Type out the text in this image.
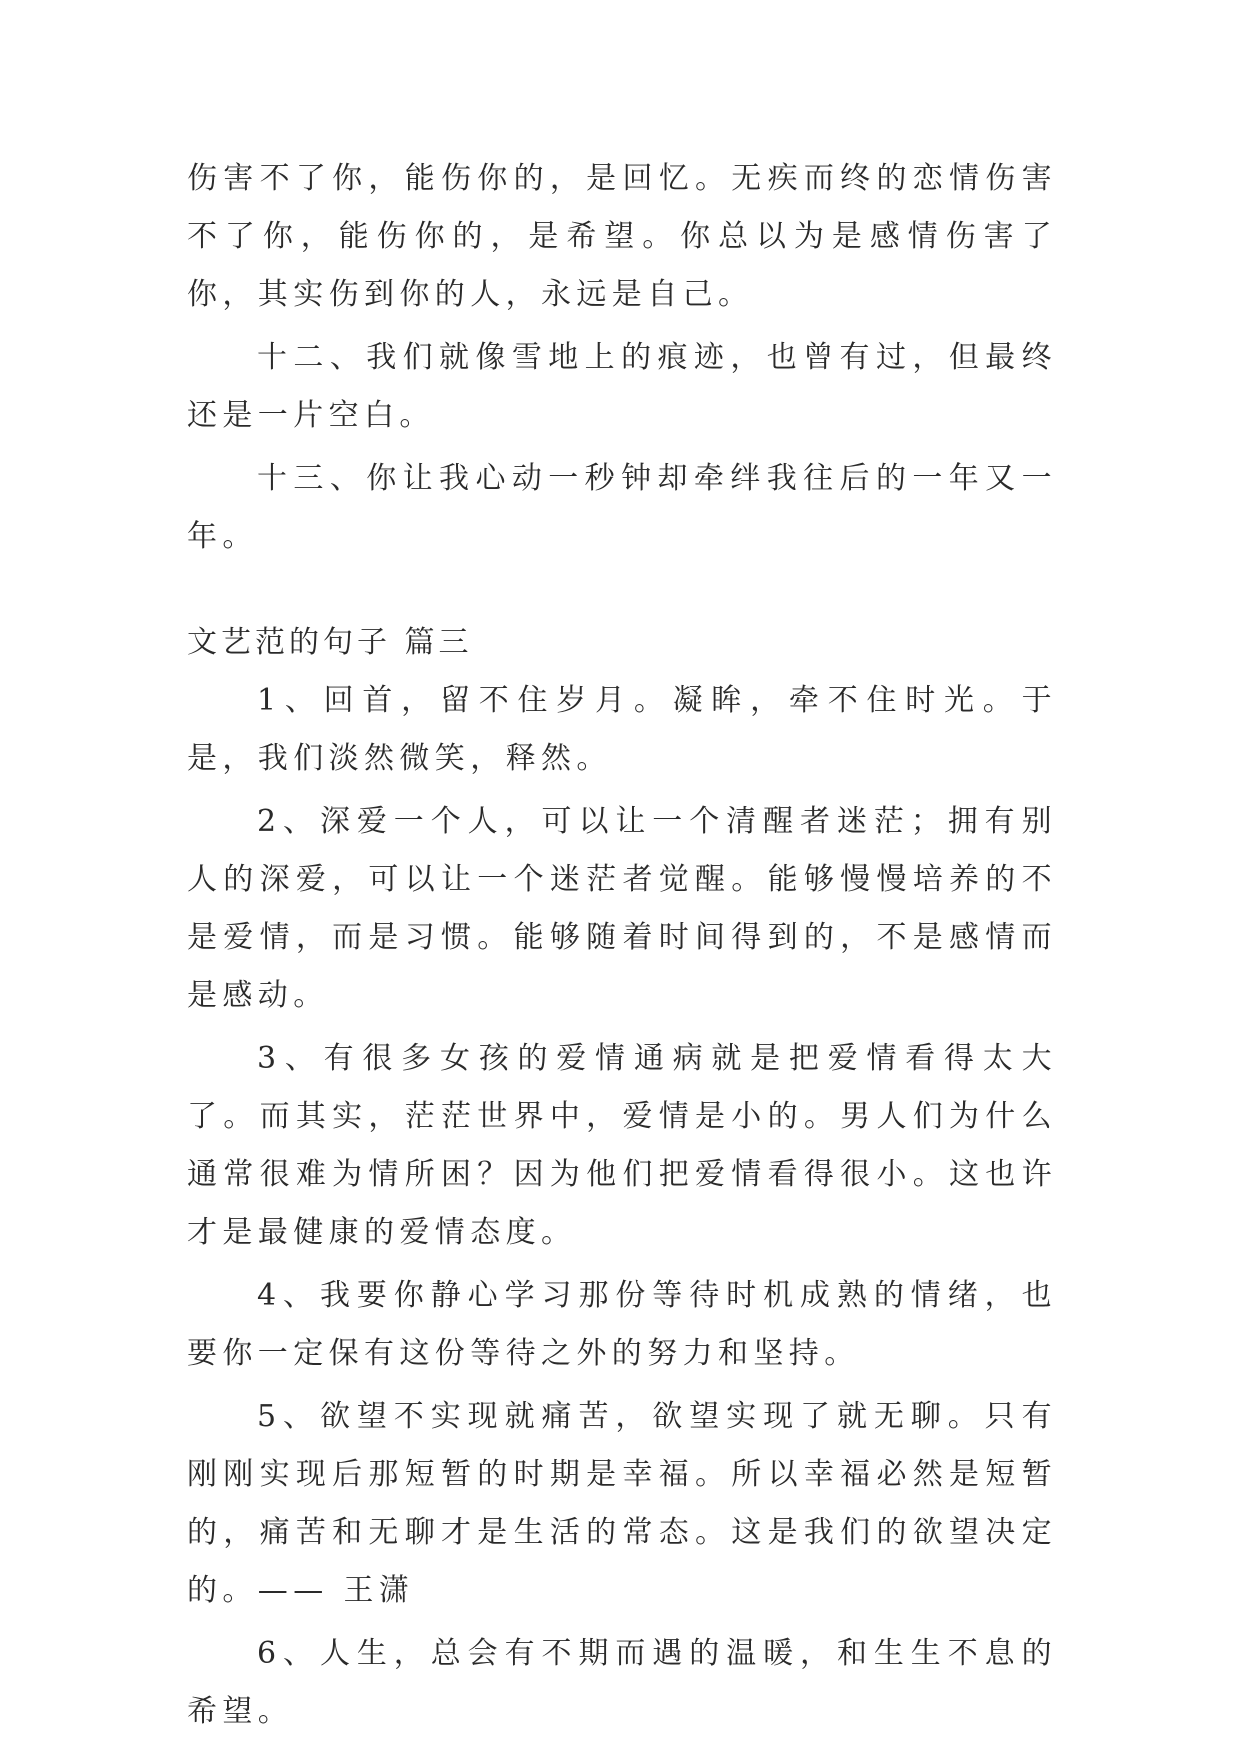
伤害不了你，能伤你的，是回忆。无疾而终的恋情伤害不了你，能伤你的，是希望。你总以为是感情伤害了你，其实伤到你的人，永远是自己。

十二、我们就像雪地上的痕迹，也曾有过，但最终还是一片空白。

十三、你让我心动一秒钟却牵绊我往后的一年又一年。

文艺范的句子 篇三

1、回首，留不住岁月。凝眸，牵不住时光。于是，我们淡然微笑，释然。

2、深爱一个人，可以让一个清醒者迷茫；拥有别人的深爱，可以让一个迷茫者觉醒。能够慢慢培养的不是爱情，而是习惯。能够随着时间得到的，不是感情而是感动。

3、有很多女孩的爱情通病就是把爱情看得太大了。而其实，茫茫世界中，爱情是小的。男人们为什么通常很难为情所困？因为他们把爱情看得很小。这也许才是最健康的爱情态度。

4、我要你静心学习那份等待时机成熟的情绪，也要你一定保有这份等待之外的努力和坚持。

5、欲望不实现就痛苦，欲望实现了就无聊。只有刚刚实现后那短暂的时期是幸福。所以幸福必然是短暂的，痛苦和无聊才是生活的常态。这是我们的欲望决定的。—— 王潇

6、人生，总会有不期而遇的温暖，和生生不息的希望。
